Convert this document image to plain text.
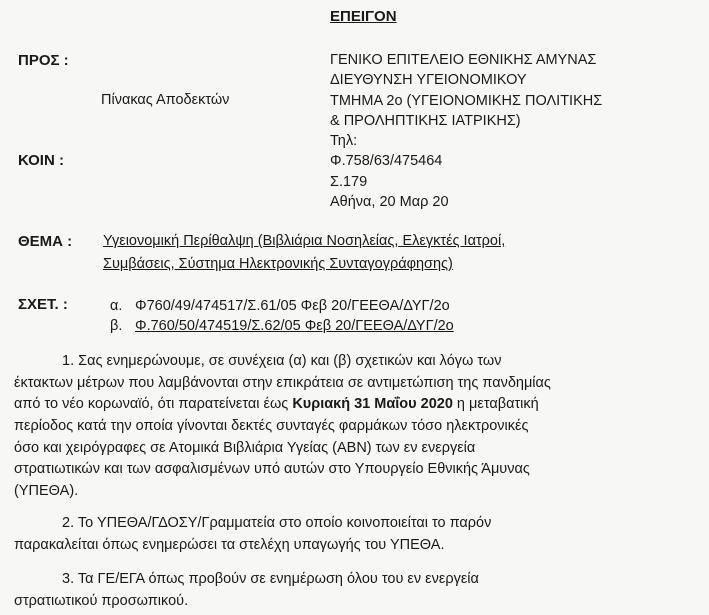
ΕΠΕΙΓΟΝ
ΠΡΟΣ :
Πίνακας Αποδεκτών
ΚΟΙΝ :
ΓΕΝΙΚΟ ΕΠΙΤΕΛΕΙΟ ΕΘΝΙΚΗΣ ΑΜΥΝΑΣ
ΔΙΕΥΘΥΝΣΗ ΥΓΕΙΟΝΟΜΙΚΟΥ
ΤΜΗΜΑ 2ο (ΥΓΕΙΟΝΟΜΙΚΗΣ ΠΟΛΙΤΙΚΗΣ
& ΠΡΟΛΗΠΤΙΚΗΣ ΙΑΤΡΙΚΗΣ)
Τηλ:
Φ.758/63/475464
Σ.179
Αθήνα, 20 Μαρ 20
ΘΕΜΑ : Υγειονομική Περίθαλψη (Βιβλιάρια Νοσηλείας, Ελεγκτές Ιατροί,
Συμβάσεις, Σύστημα Ηλεκτρονικής Συνταγογράφησης)
ΣΧΕΤ. :	α. Φ760/49/474517/Σ.61/05 Φεβ 20/ΓΕΕΘΑ/ΔΥΓ/2ο
β. Φ.760/50/474519/Σ.62/05 Φεβ 20/ΓΕΕΘΑ/ΔΥΓ/2ο
1. Σας ενημερώνουμε, σε συνέχεια (α) και (β) σχετικών και λόγω των
έκτακτων μέτρων που λαμβάνονται στην επικράτεια σε αντιμετώπιση της πανδημίας
από το νέο κορωναϊό, ότι παρατείνεται έως Κυριακή 31 Μαΐου 2020 η μεταβατική
περίοδος κατά την οποία γίνονται δεκτές συνταγές φαρμάκων τόσο ηλεκτρονικές
όσο και χειρόγραφες σε Ατομικά Βιβλιάρια Υγείας (ΑΒΝ) των εν ενεργεία
στρατιωτικών και των ασφαλισμένων υπό αυτών στο Υπουργείο Εθνικής Άμυνας
(ΥΠΕΘΑ).
2. Το ΥΠΕΘΑ/ΓΔΟΣΥ/Γραμματεία στο οποίο κοινοποιείται το παρόν
παρακαλείται όπως ενημερώσει τα στελέχη υπαγωγής του ΥΠΕΘΑ.
3. Τα ΓΕ/ΕΓΑ όπως προβούν σε ενημέρωση όλου του εν ενεργεία
στρατιωτικού προσωπικού.
